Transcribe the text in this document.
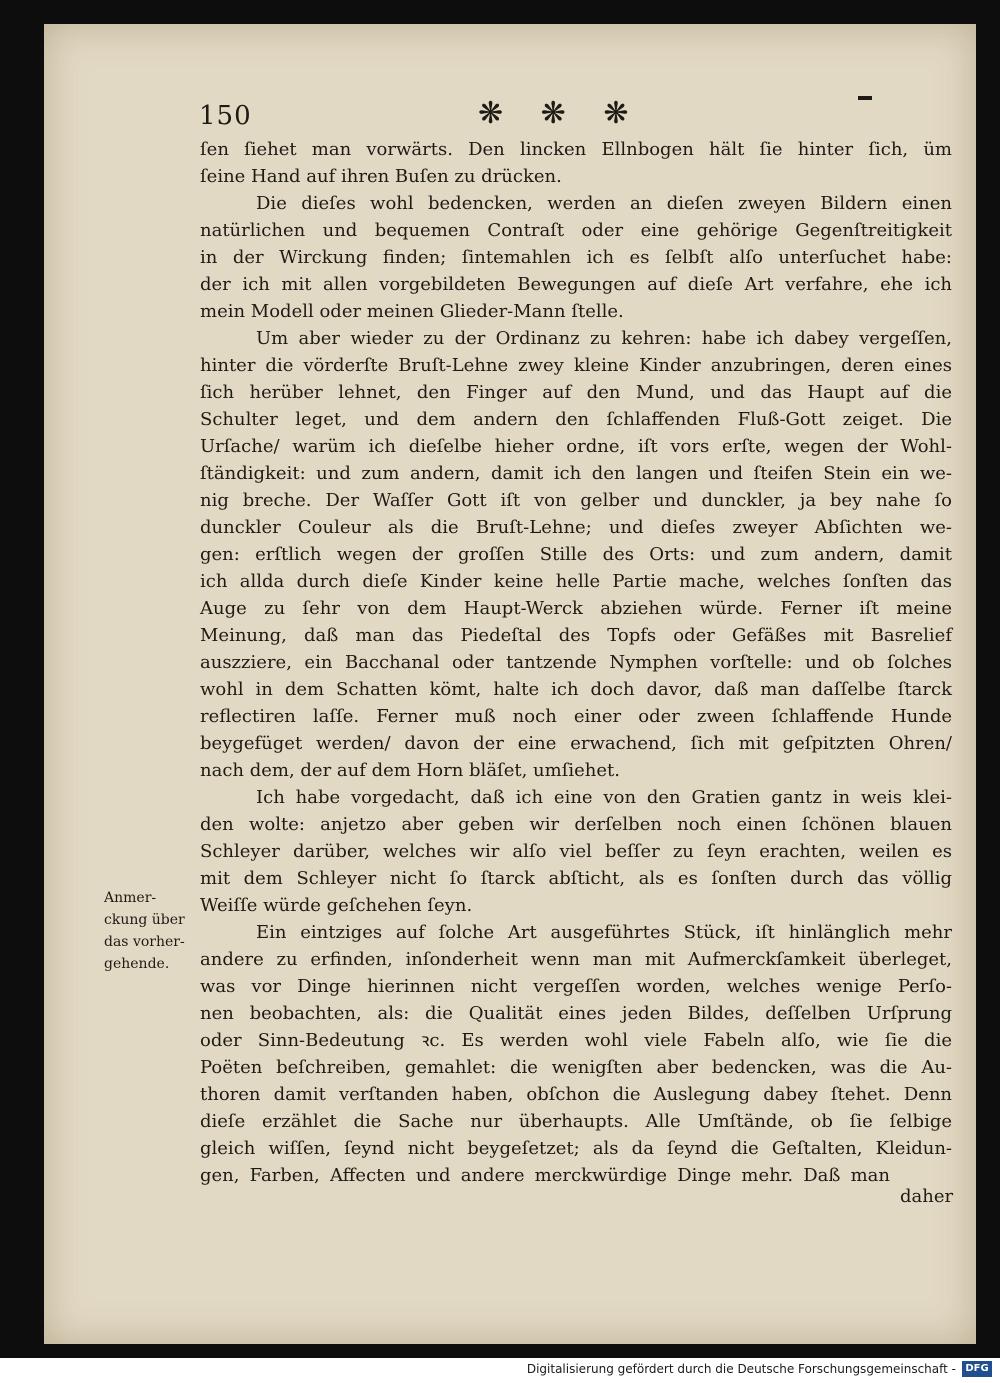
150	❋ ❋ ❋
ſen ſiehet man vorwärts. Den lincken Ellnbogen hält ſie hinter ſich, üm
ſeine Hand auf ihren Buſen zu drücken.
Die dieſes wohl bedencken, werden an dieſen zweyen Bildern einen
natürlichen und bequemen Contraſt oder eine gehörige Gegenſtreitigkeit
in der Wirckung finden; ſintemahlen ich es ſelbſt alſo unterſuchet habe:
der ich mit allen vorgebildeten Bewegungen auf dieſe Art verfahre, ehe ich
mein Modell oder meinen Glieder-Mann ſtelle.
Um aber wieder zu der Ordinanz zu kehren: habe ich dabey vergeſſen,
hinter die vörderſte Bruſt-Lehne zwey kleine Kinder anzubringen, deren eines
ſich herüber lehnet, den Finger auf den Mund, und das Haupt auf die
Schulter leget, und dem andern den ſchlaffenden Fluß-Gott zeiget. Die
Urſache/ warüm ich dieſelbe hieher ordne, iſt vors erſte, wegen der Wohl-
ſtändigkeit: und zum andern, damit ich den langen und ſteifen Stein ein we-
nig breche. Der Waſſer Gott iſt von gelber und dunckler, ja bey nahe ſo
dunckler Couleur als die Bruſt-Lehne; und dieſes zweyer Abſichten we-
gen: erſtlich wegen der groſſen Stille des Orts: und zum andern, damit
ich allda durch dieſe Kinder keine helle Partie mache, welches ſonſten das
Auge zu ſehr von dem Haupt-Werck abziehen würde. Ferner iſt meine
Meinung, daß man das Piedeſtal des Topfs oder Gefäßes mit Basrelief
auszziere, ein Bacchanal oder tantzende Nymphen vorſtelle: und ob ſolches
wohl in dem Schatten kömt, halte ich doch davor, daß man daſſelbe ſtarck
reflectiren laſſe. Ferner muß noch einer oder zween ſchlaffende Hunde
beygefüget werden/ davon der eine erwachend, ſich mit geſpitzten Ohren/
nach dem, der auf dem Horn bläſet, umſiehet.
Ich habe vorgedacht, daß ich eine von den Gratien gantz in weis klei-
den wolte: anjetzo aber geben wir derſelben noch einen ſchönen blauen
Schleyer darüber, welches wir alſo viel beſſer zu ſeyn erachten, weilen es
mit dem Schleyer nicht ſo ſtarck abſticht, als es ſonſten durch das völlig
Weiſſe würde geſchehen ſeyn.
Ein eintziges auf ſolche Art ausgeführtes Stück, iſt hinlänglich mehr
andere zu erfinden, inſonderheit wenn man mit Aufmerckſamkeit überleget,
was vor Dinge hierinnen nicht vergeſſen worden, welches wenige Perſo-
nen beobachten, als: die Qualität eines jeden Bildes, deſſelben Urſprung
oder Sinn-Bedeutung ꝛc. Es werden wohl viele Fabeln alſo, wie ſie die
Poëten beſchreiben, gemahlet: die wenigſten aber bedencken, was die Au-
thoren damit verſtanden haben, obſchon die Auslegung dabey ſtehet. Denn
dieſe erzählet die Sache nur überhaupts. Alle Umſtände, ob ſie ſelbige
gleich wiſſen, ſeynd nicht beygeſetzet; als da ſeynd die Geſtalten, Kleidun-
gen, Farben, Affecten und andere merckwürdige Dinge mehr. Daß man
daher
Anmer-
ckung über
das vorher-
gehende.
Digitalisierung gefördert durch die Deutsche Forschungsgemeinschaft - DFG
